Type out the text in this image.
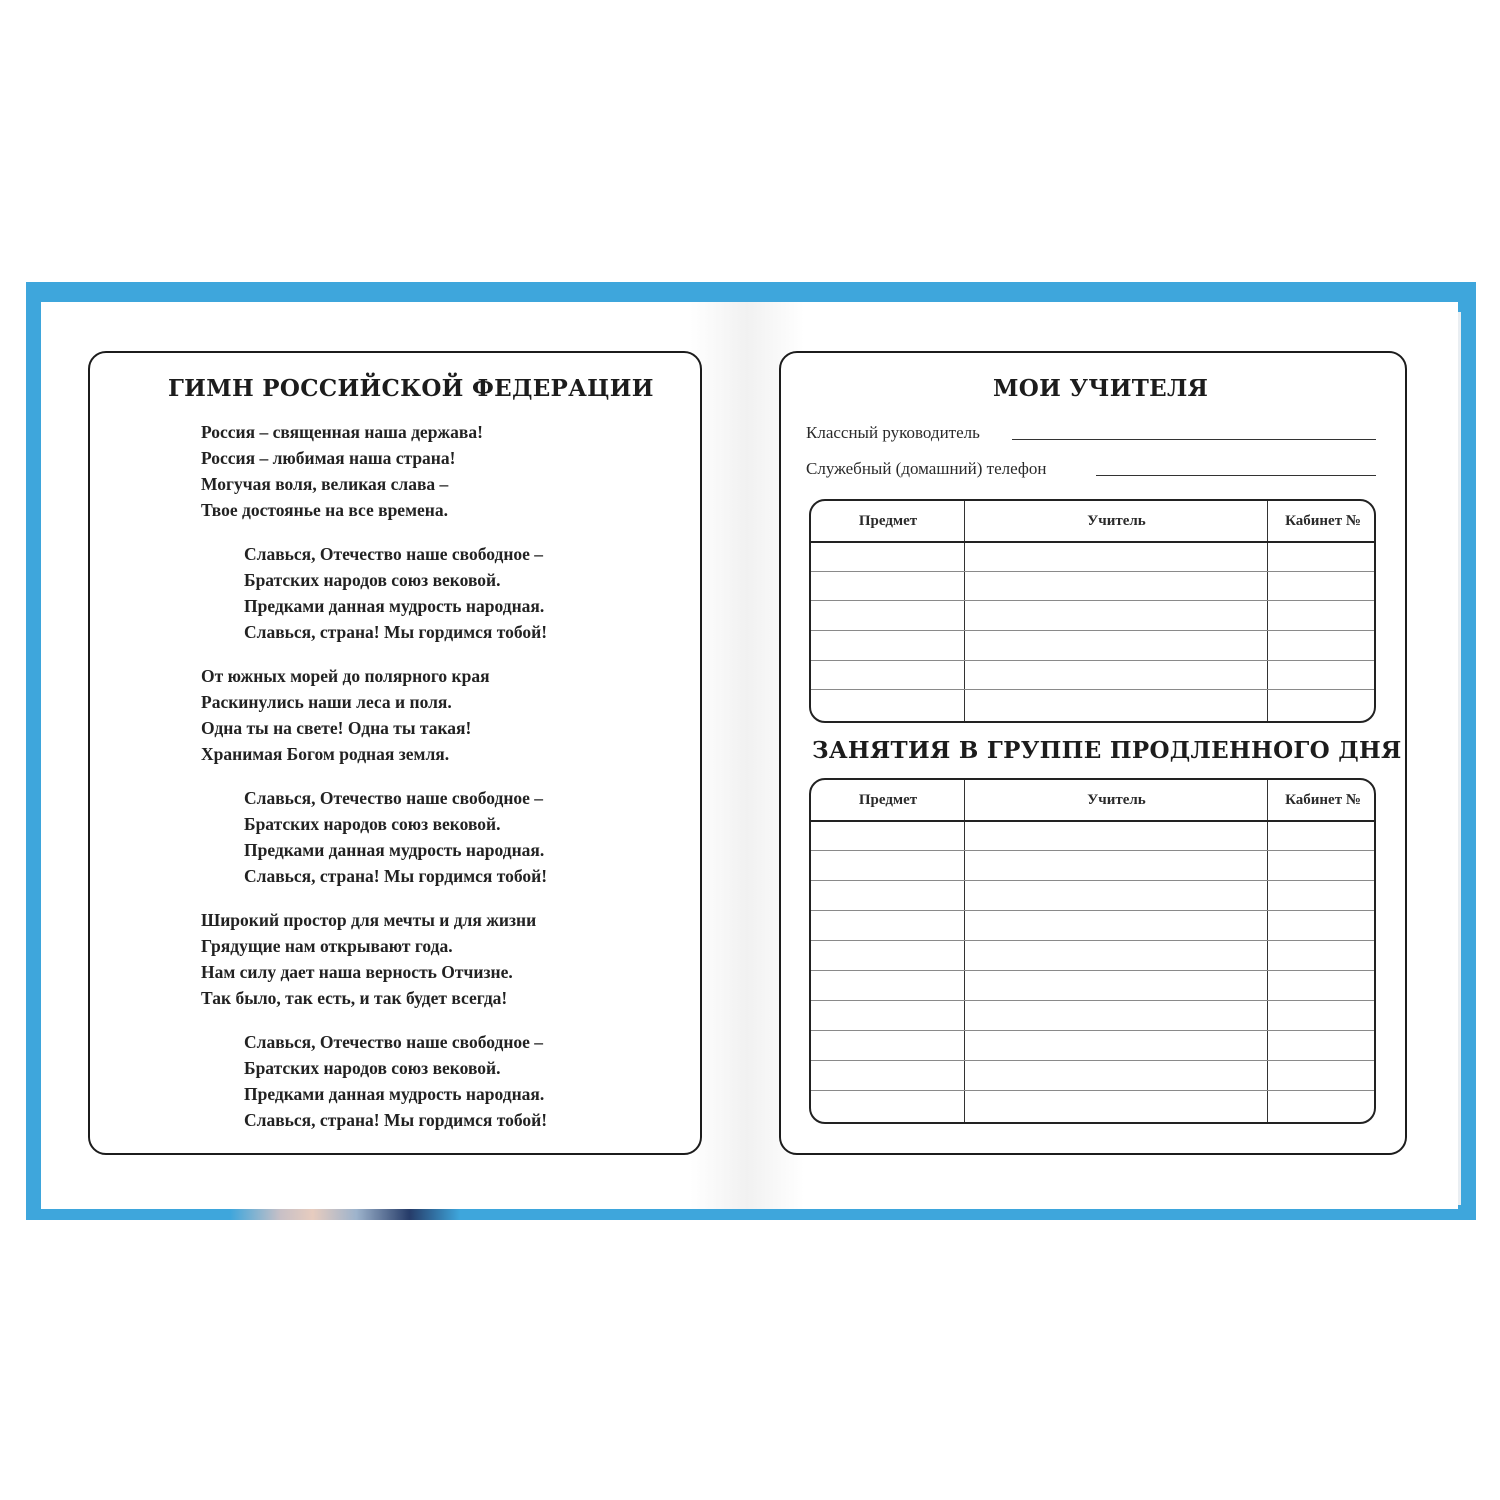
ГИМН РОССИЙСКОЙ ФЕДЕРАЦИИ
Россия – священная наша держава!
Россия – любимая наша страна!
Могучая воля, великая слава –
Твое достоянье на все времена.
Славься, Отечество наше свободное –
Братских народов союз вековой.
Предками данная мудрость народная.
Славься, страна! Мы гордимся тобой!
От южных морей до полярного края
Раскинулись наши леса и поля.
Одна ты на свете! Одна ты такая!
Хранимая Богом родная земля.
Славься, Отечество наше свободное –
Братских народов союз вековой.
Предками данная мудрость народная.
Славься, страна! Мы гордимся тобой!
Широкий простор для мечты и для жизни
Грядущие нам открывают года.
Нам силу дает наша верность Отчизне.
Так было, так есть, и так будет всегда!
Славься, Отечество наше свободное –
Братских народов союз вековой.
Предками данная мудрость народная.
Славься, страна! Мы гордимся тобой!
МОИ УЧИТЕЛЯ
Классный руководитель
Служебный (домашний) телефон
Предмет	Учитель	Кабинет №
ЗАНЯТИЯ В ГРУППЕ ПРОДЛЕННОГО ДНЯ
Предмет	Учитель	Кабинет №
